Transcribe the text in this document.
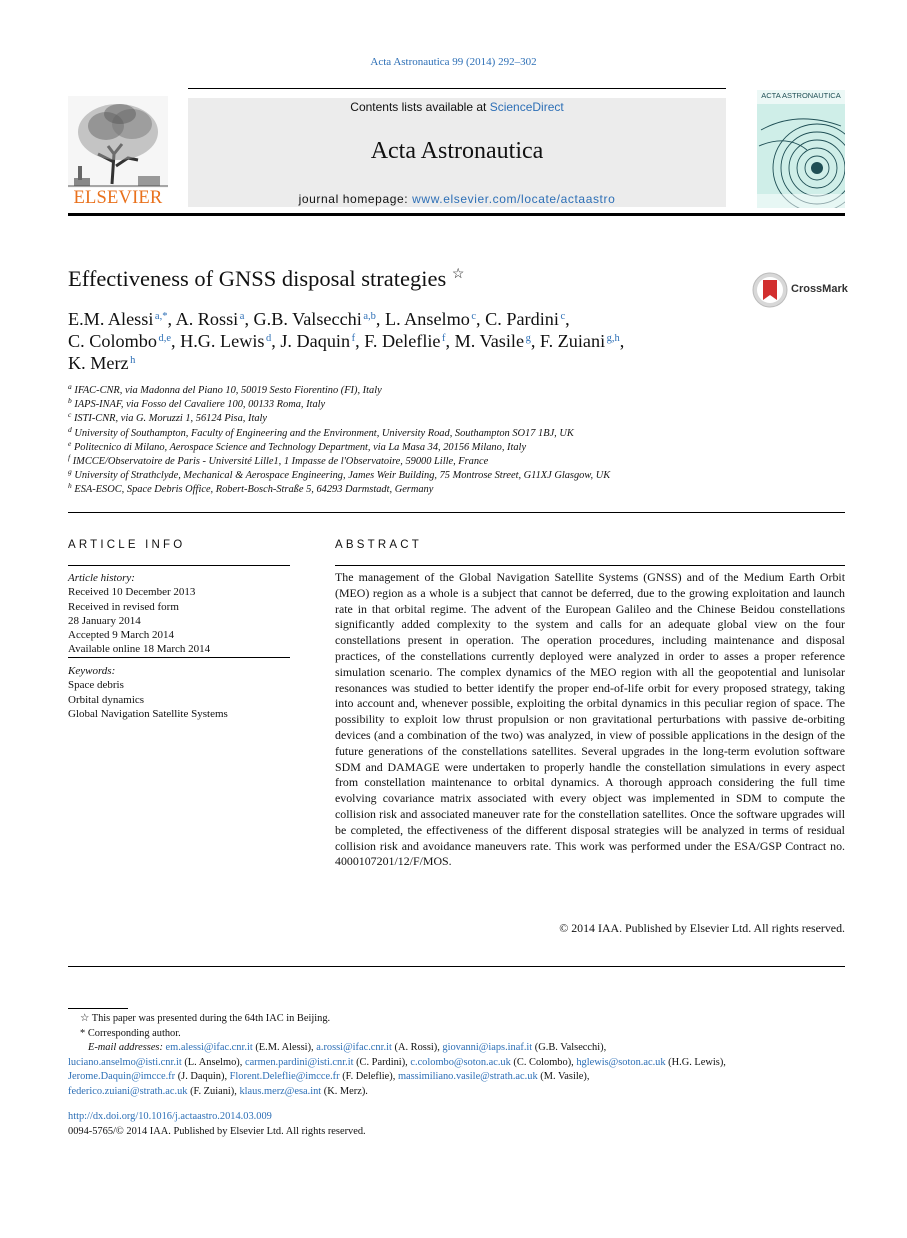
Acta Astronautica 99 (2014) 292–302
ELSEVIER
Contents lists available at ScienceDirect
Acta Astronautica
journal homepage: www.elsevier.com/locate/actaastro
ACTA ASTRONAUTICA
Effectiveness of GNSS disposal strategies ☆
CrossMark
E.M. Alessi  $^{a,*}$, A. Rossi  $^a$, G.B. Valsecchi  $^{a,b}$, L. Anselmo  $^c$, C. Pardini  $^c$,
C. Colombo  $^{d,e}$, H.G. Lewis  $^d$, J. Daquin  $^f$, F. Deleflie  $^f$, M. Vasile  $^g$, F. Zuiani  $^{g,h}$,
K. Merz  $^h$
$^a$ IFAC-CNR, via Madonna del Piano 10, 50019 Sesto Fiorentino (FI), Italy
$^b$ IAPS-INAF, via Fosso del Cavaliere 100, 00133 Roma, Italy
$^c$ ISTI-CNR, via G. Moruzzi 1, 56124 Pisa, Italy
$^d$ University of Southampton, Faculty of Engineering and the Environment, University Road, Southampton SO17 1BJ, UK
$^e$ Politecnico di Milano, Aerospace Science and Technology Department, via La Masa 34, 20156 Milano, Italy
$^f$ IMCCE/Observatoire de Paris - Université Lille1, 1 Impasse de l'Observatoire, 59000 Lille, France
$^g$ University of Strathclyde, Mechanical & Aerospace Engineering, James Weir Building, 75 Montrose Street, G11XJ Glasgow, UK
$^h$ ESA-ESOC, Space Debris Office, Robert-Bosch-Straße 5, 64293 Darmstadt, Germany
ARTICLE INFO
Article history:
Received 10 December 2013
Received in revised form
28 January 2014
Accepted 9 March 2014
Available online 18 March 2014
Keywords:
Space debris
Orbital dynamics
Global Navigation Satellite Systems
ABSTRACT
The management of the Global Navigation Satellite Systems (GNSS) and of the Medium Earth Orbit (MEO) region as a whole is a subject that cannot be deferred, due to the growing exploitation and launch rate in that orbital regime. The advent of the European Galileo and the Chinese Beidou constellations significantly added complexity to the system and calls for an adequate global view on the four constellations present in operation. The operation procedures, including maintenance and disposal practices, of the constellations currently deployed were analyzed in order to asses a proper reference simulation scenario. The complex dynamics of the MEO region with all the geopotential and lunisolar resonances was studied to better identify the proper end-of-life orbit for every proposed strategy, taking into account and, whenever possible, exploiting the orbital dynamics in this peculiar region of space. The possibility to exploit low thrust propulsion or non gravitational perturbations with passive de-orbiting devices (and a combination of the two) was analyzed, in view of possible applications in the design of the future generations of the constellations satellites. Several upgrades in the long-term evolution software SDM and DAMAGE were undertaken to properly handle the constellation simulations in every aspect from constellation maintenance to orbital dynamics. A thorough approach considering the full time evolving covariance matrix associated with every object was implemented in SDM to compute the collision risk and associated maneuver rate for the constellation satellites. Once the software upgrades will be completed, the effectiveness of the different disposal strategies will be analyzed in terms of residual collision risk and avoidance maneuvers rate. This work was performed under the ESA/GSP Contract no. 4000107201/12/F/MOS.
© 2014 IAA. Published by Elsevier Ltd. All rights reserved.
☆ This paper was presented during the 64th IAC in Beijing.
* Corresponding author.
E-mail addresses: em.alessi@ifac.cnr.it (E.M. Alessi), a.rossi@ifac.cnr.it (A. Rossi), giovanni@iaps.inaf.it (G.B. Valsecchi),
luciano.anselmo@isti.cnr.it (L. Anselmo), carmen.pardini@isti.cnr.it (C. Pardini), c.colombo@soton.ac.uk (C. Colombo), hglewis@soton.ac.uk (H.G. Lewis),
Jerome.Daquin@imcce.fr (J. Daquin), Florent.Deleflie@imcce.fr (F. Deleflie), massimiliano.vasile@strath.ac.uk (M. Vasile),
federico.zuiani@strath.ac.uk (F. Zuiani), klaus.merz@esa.int (K. Merz).
http://dx.doi.org/10.1016/j.actaastro.2014.03.009
0094-5765/© 2014 IAA. Published by Elsevier Ltd. All rights reserved.
